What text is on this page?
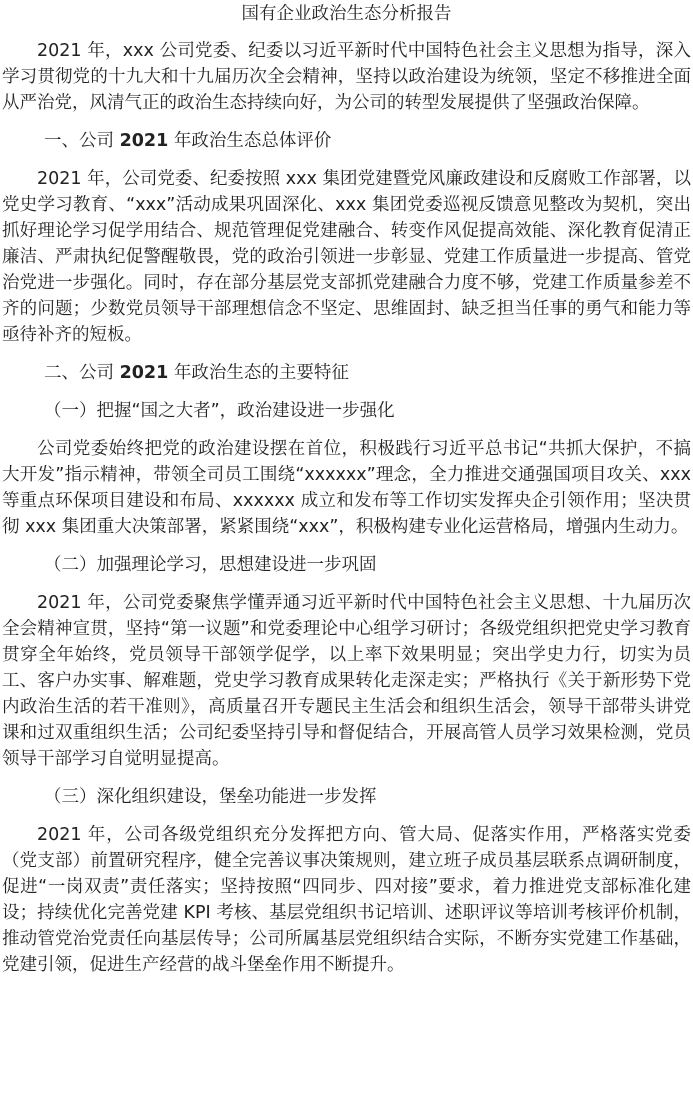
国有企业政治生态分析报告

2021 年，xxx 公司党委、纪委以习近平新时代中国特色社会主义思想为指导，深入学习贯彻党的十九大和十九届历次全会精神，坚持以政治建设为统领，坚定不移推进全面从严治党，风清气正的政治生态持续向好，为公司的转型发展提供了坚强政治保障。

一、公司 2021 年政治生态总体评价

2021 年，公司党委、纪委按照 xxx 集团党建暨党风廉政建设和反腐败工作部署，以党史学习教育、“xxx”活动成果巩固深化、xxx 集团党委巡视反馈意见整改为契机，突出抓好理论学习促学用结合、规范管理促党建融合、转变作风促提高效能、深化教育促清正廉洁、严肃执纪促警醒敬畏，党的政治引领进一步彰显、党建工作质量进一步提高、管党治党进一步强化。同时，存在部分基层党支部抓党建融合力度不够，党建工作质量参差不齐的问题；少数党员领导干部理想信念不坚定、思维固封、缺乏担当任事的勇气和能力等亟待补齐的短板。

二、公司 2021 年政治生态的主要特征
（一）把握“国之大者”，政治建设进一步强化

公司党委始终把党的政治建设摆在首位，积极践行习近平总书记“共抓大保护，不搞大开发”指示精神，带领全司员工围绕“xxxxxx”理念，全力推进交通强国项目攻关、xxx 等重点环保项目建设和布局、xxxxxx 成立和发布等工作切实发挥央企引领作用；坚决贯彻 xxx 集团重大决策部署，紧紧围绕“xxx”，积极构建专业化运营格局，增强内生动力。

（二）加强理论学习，思想建设进一步巩固

2021 年，公司党委聚焦学懂弄通习近平新时代中国特色社会主义思想、十九届历次全会精神宣贯，坚持“第一议题”和党委理论中心组学习研讨；各级党组织把党史学习教育贯穿全年始终，党员领导干部领学促学，以上率下效果明显；突出学史力行，切实为员工、客户办实事、解难题，党史学习教育成果转化走深走实；严格执行《关于新形势下党内政治生活的若干准则》，高质量召开专题民主生活会和组织生活会，领导干部带头讲党课和过双重组织生活；公司纪委坚持引导和督促结合，开展高管人员学习效果检测，党员领导干部学习自觉明显提高。

（三）深化组织建设，堡垒功能进一步发挥

2021 年，公司各级党组织充分发挥把方向、管大局、促落实作用，严格落实党委（党支部）前置研究程序，健全完善议事决策规则，建立班子成员基层联系点调研制度，促进“一岗双责”责任落实；坚持按照“四同步、四对接”要求，着力推进党支部标准化建设；持续优化完善党建 KPI 考核、基层党组织书记培训、述职评议等培训考核评价机制，推动管党治党责任向基层传导；公司所属基层党组织结合实际，不断夯实党建工作基础，党建引领，促进生产经营的战斗堡垒作用不断提升。
